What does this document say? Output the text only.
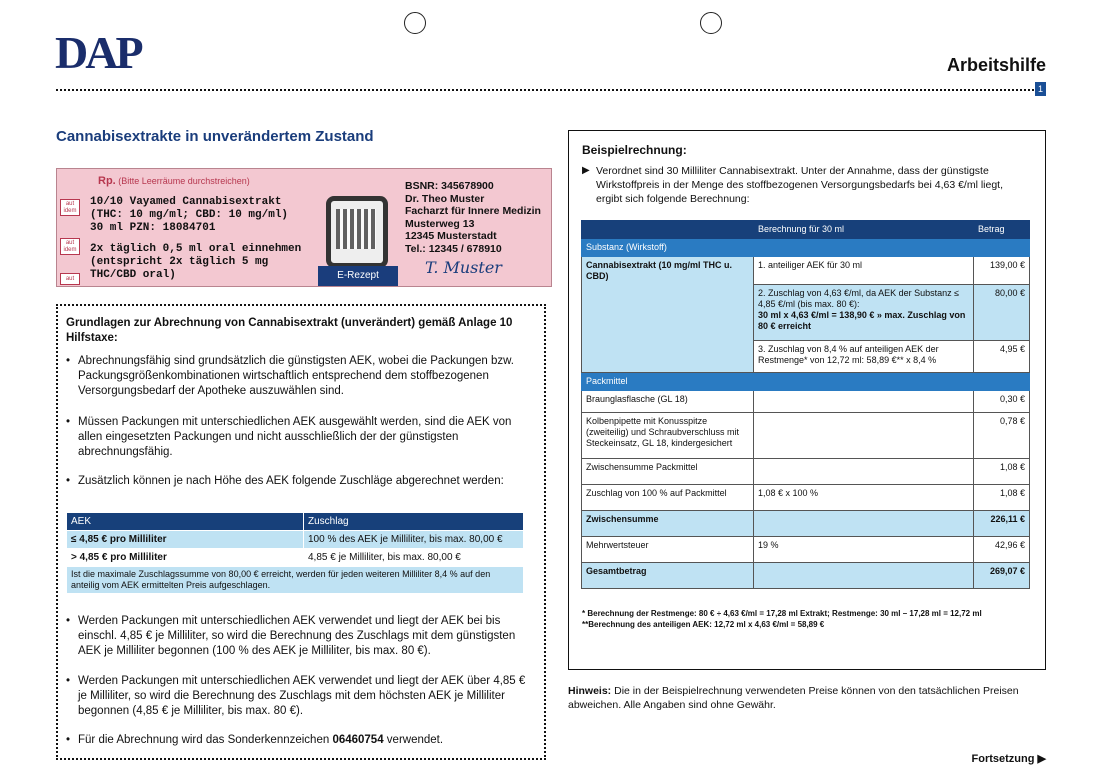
DAP	Arbeitshilfe
1
Cannabisextrakte in unverändertem Zustand
Rp. (Bitte Leerräume durchstreichen)
aut idem
aut idem
aut
10/10 Vayamed Cannabisextrakt
(THC: 10 mg/ml; CBD: 10 mg/ml)
30 ml PZN: 18084701
2x täglich 0,5 ml oral einnehmen
(entspricht 2x täglich 5 mg
THC/CBD oral)	E-Rezept
BSNR: 345678900
Dr. Theo Muster
Facharzt für Innere Medizin
Musterweg 13
12345 Musterstadt
Tel.: 12345 / 678910
T. Muster
Grundlagen zur Abrechnung von Cannabisextrakt (unverändert) gemäß Anlage 10 Hilfstaxe:
• Abrechnungsfähig sind grundsätzlich die günstigsten AEK, wobei die Packungen bzw. Packungsgrößenkombinationen wirtschaftlich entsprechend dem stoffbezogenen Versorgungsbedarf der Apotheke auszuwählen sind.
• Müssen Packungen mit unterschiedlichen AEK ausgewählt werden, sind die AEK von allen eingesetzten Packungen und nicht ausschließlich der der günstigsten abrechnungsfähig.
• Zusätzlich können je nach Höhe des AEK folgende Zuschläge abgerechnet werden:
AEK	Zuschlag
≤ 4,85 € pro Milliliter	100 % des AEK je Milliliter, bis max. 80,00 €
> 4,85 € pro Milliliter	4,85 € je Milliliter, bis max. 80,00 €
Ist die maximale Zuschlagssumme von 80,00 € erreicht, werden für jeden weiteren Milliliter 8,4 % auf den anteilig vom AEK ermittelten Preis aufgeschlagen.	
• Werden Packungen mit unterschiedlichen AEK verwendet und liegt der AEK bei bis einschl. 4,85 € je Milliliter, so wird die Berechnung des Zuschlags mit dem günstigsten AEK je Milliliter begonnen (100 % des AEK je Milliliter, bis max. 80 €).
• Werden Packungen mit unterschiedlichen AEK verwendet und liegt der AEK über 4,85 € je Milliliter, so wird die Berechnung des Zuschlags mit dem höchsten AEK je Milliliter begonnen (4,85 € je Milliliter, bis max. 80 €).
• Für die Abrechnung wird das Sonderkennzeichen 06460754 verwendet.
Beispielrechnung:
▶ Verordnet sind 30 Milliliter Cannabisextrakt. Unter der Annahme, dass der günstigste Wirkstoffpreis in der Menge des stoffbezogenen Versorgungsbedarfs bei 4,63 €/ml liegt, ergibt sich folgende Berechnung:
	Berechnung für 30 ml	Betrag
Substanz (Wirkstoff)		
Cannabisextrakt (10 mg/ml THC u. CBD)	1. anteiliger AEK für 30 ml	139,00 €

	2. Zuschlag von 4,63 €/ml, da AEK der Substanz ≤ 4,85 €/ml (bis max. 80 €):
30 ml x 4,63 €/ml = 138,90 € » max. Zuschlag von 80 € erreicht	80,00 €
	3. Zuschlag von 8,4 % auf anteiligen AEK der Restmenge* von 12,72 ml: 58,89 €** x 8,4 %	4,95 €
Packmittel		
Braunglasflasche (GL 18)		0,30 €
Kolbenpipette mit Konusspitze (zweiteilig) und Schraubverschluss mit Steckeinsatz, GL 18, kindergesichert		0,78 €
Zwischensumme Packmittel		1,08 €
Zuschlag von 100 % auf Packmittel	1,08 € x 100 %	1,08 €
Zwischensumme		226,11 €
Mehrwertsteuer	19 %	42,96 €
Gesamtbetrag		269,07 €
* Berechnung der Restmenge: 80 € ÷ 4,63 €/ml = 17,28 ml Extrakt; Restmenge: 30 ml – 17,28 ml = 12,72 ml
**Berechnung des anteiligen AEK: 12,72 ml x 4,63 €/ml = 58,89 €
Hinweis: Die in der Beispielrechnung verwendeten Preise können von den tatsächlichen Preisen abweichen. Alle Angaben sind ohne Gewähr.
Fortsetzung ▶
